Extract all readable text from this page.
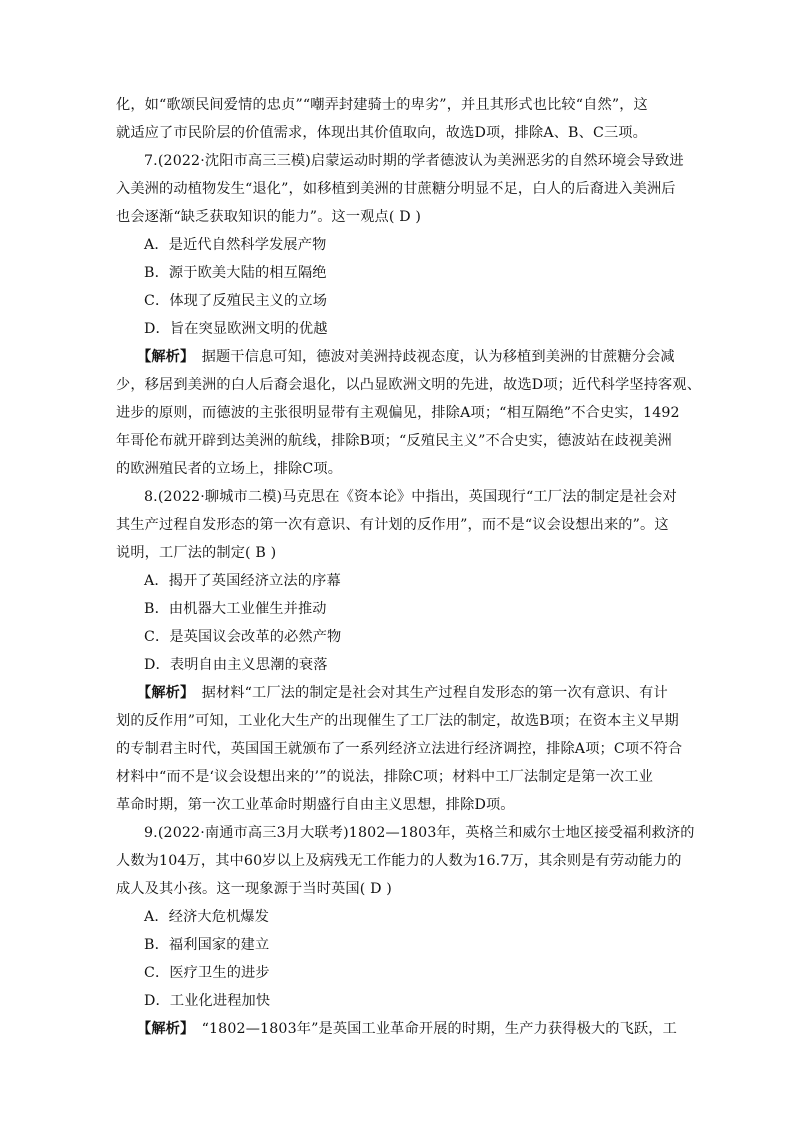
化，如“歌颂民间爱情的忠贞”“嘲弄封建骑士的卑劣”，并且其形式也比较“自然”，这
就适应了市民阶层的价值需求，体现出其价值取向，故选D项，排除A、B、C三项。
7.(2022·沈阳市高三三模)启蒙运动时期的学者德波认为美洲恶劣的自然环境会导致进
入美洲的动植物发生“退化”，如移植到美洲的甘蔗糖分明显不足，白人的后裔进入美洲后
也会逐渐“缺乏获取知识的能力”。这一观点( D )
A．是近代自然科学发展产物
B．源于欧美大陆的相互隔绝
C．体现了反殖民主义的立场
D．旨在突显欧洲文明的优越
【解析】　据题干信息可知，德波对美洲持歧视态度，认为移植到美洲的甘蔗糖分会减
少，移居到美洲的白人后裔会退化，以凸显欧洲文明的先进，故选D项；近代科学坚持客观、
进步的原则，而德波的主张很明显带有主观偏见，排除A项；“相互隔绝”不合史实，1492
年哥伦布就开辟到达美洲的航线，排除B项；“反殖民主义”不合史实，德波站在歧视美洲
的欧洲殖民者的立场上，排除C项。
8.(2022·聊城市二模)马克思在《资本论》中指出，英国现行“工厂法的制定是社会对
其生产过程自发形态的第一次有意识、有计划的反作用”，而不是“议会设想出来的”。这
说明，工厂法的制定( B )
A．揭开了英国经济立法的序幕
B．由机器大工业催生并推动
C．是英国议会改革的必然产物
D．表明自由主义思潮的衰落
【解析】　据材料“工厂法的制定是社会对其生产过程自发形态的第一次有意识、有计
划的反作用”可知，工业化大生产的出现催生了工厂法的制定，故选B项；在资本主义早期
的专制君主时代，英国国王就颁布了一系列经济立法进行经济调控，排除A项；C项不符合
材料中“而不是‘议会设想出来的’”的说法，排除C项；材料中工厂法制定是第一次工业
革命时期，第一次工业革命时期盛行自由主义思想，排除D项。
9.(2022·南通市高三3月大联考)1802—1803年，英格兰和威尔士地区接受福利救济的
人数为104万，其中60岁以上及病残无工作能力的人数为16.7万，其余则是有劳动能力的
成人及其小孩。这一现象源于当时英国( D )
A．经济大危机爆发
B．福利国家的建立
C．医疗卫生的进步
D．工业化进程加快
【解析】　“1802—1803年”是英国工业革命开展的时期，生产力获得极大的飞跃，工
